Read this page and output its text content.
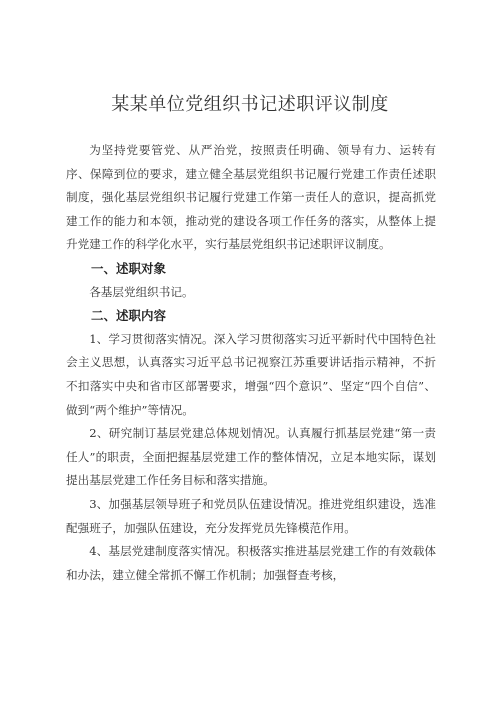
某某单位党组织书记述职评议制度

为坚持党要管党、从严治党，按照责任明确、领导有力、运转有序、保障到位的要求，建立健全基层党组织书记履行党建工作责任述职制度，强化基层党组织书记履行党建工作第一责任人的意识，提高抓党建工作的能力和本领，推动党的建设各项工作任务的落实，从整体上提升党建工作的科学化水平，实行基层党组织书记述职评议制度。

一、述职对象

各基层党组织书记。

二、述职内容

1、学习贯彻落实情况。深入学习贯彻落实习近平新时代中国特色社会主义思想，认真落实习近平总书记视察江苏重要讲话指示精神，不折不扣落实中央和省市区部署要求，增强“四个意识”、坚定“四个自信”、做到“两个维护”等情况。

2、研究制订基层党建总体规划情况。认真履行抓基层党建“第一责任人”的职责，全面把握基层党建工作的整体情况，立足本地实际，谋划提出基层党建工作任务目标和落实措施。

3、加强基层领导班子和党员队伍建设情况。推进党组织建设，选准配强班子，加强队伍建设，充分发挥党员先锋模范作用。

4、基层党建制度落实情况。积极落实推进基层党建工作的有效载体和办法，建立健全常抓不懈工作机制；加强督查考核，
